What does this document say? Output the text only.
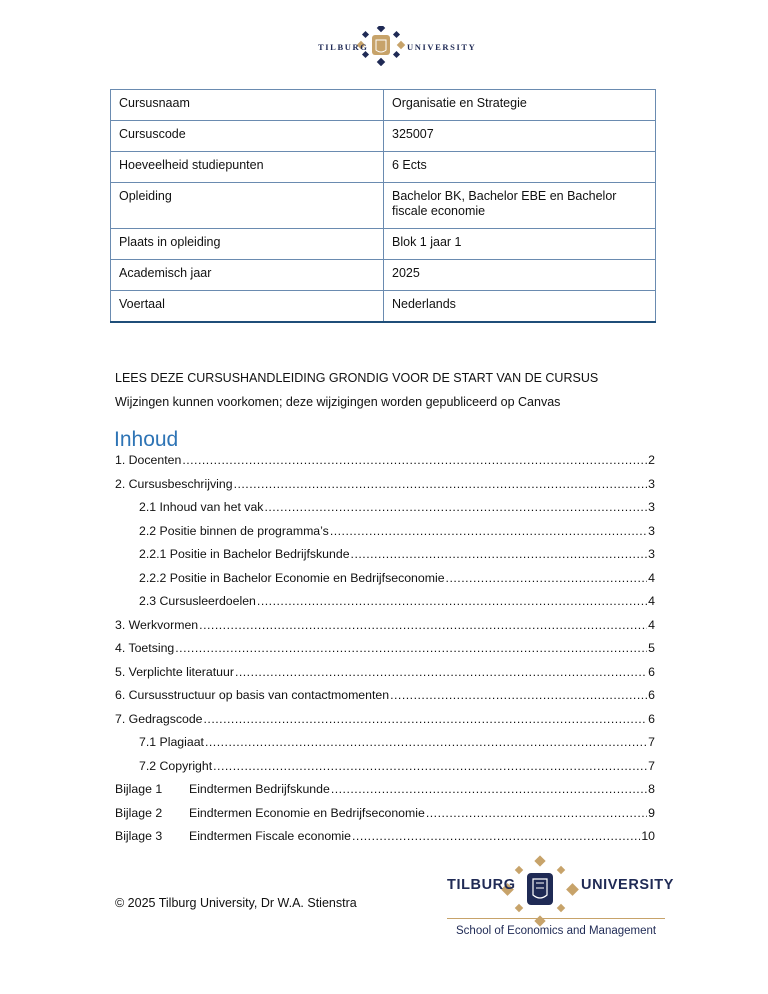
TILBURG	UNIVERSITY
Cursusnaam	Organisatie en Strategie
Cursuscode	325007
Hoeveelheid studiepunten	6 Ects
Opleiding	Bachelor BK, Bachelor EBE en Bachelor fiscale economie
Plaats in opleiding	Blok 1 jaar 1
Academisch jaar	2025
Voertaal	Nederlands
LEES DEZE CURSUSHANDLEIDING GRONDIG VOOR DE START VAN DE CURSUS
Wijzingen kunnen voorkomen; deze wijzigingen worden gepubliceerd op Canvas
Inhoud
1. Docenten .....	2
2. Cursusbeschrijving .....	3
2.1 Inhoud van het vak .....	3
2.2 Positie binnen de programma’s .....	3
2.2.1 Positie in Bachelor Bedrijfskunde .....	3
2.2.2 Positie in Bachelor Economie en Bedrijfseconomie .....	4
2.3 Cursusleerdoelen .....	4
3. Werkvormen .....	4
4. Toetsing .....	5
5. Verplichte literatuur .....	6
6. Cursusstructuur op basis van contactmomenten .....	6
7. Gedragscode .....	6
7.1 Plagiaat .....	7
7.2 Copyright .....	7
Bijlage 1	Eindtermen Bedrijfskunde .....	8
Bijlage 2	Eindtermen Economie en Bedrijfseconomie .....	9
Bijlage 3	Eindtermen Fiscale economie .....	10
© 2025 Tilburg University, Dr W.A. Stienstra
TILBURG	UNIVERSITY
School of Economics and Management
